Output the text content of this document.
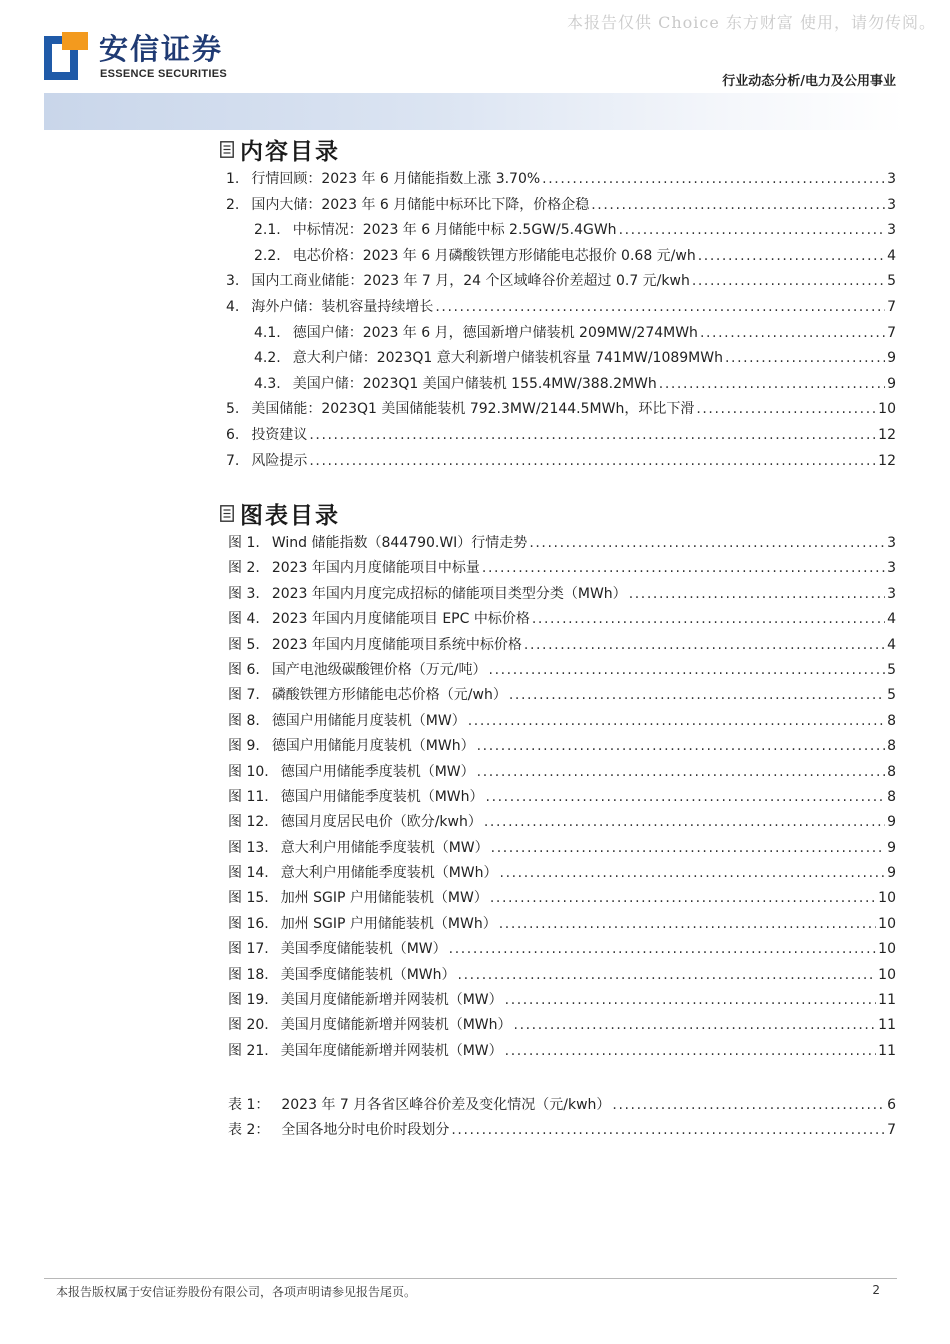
本报告仅供 Choice 东方财富 使用，请勿传阅。
安信证券
ESSENCE SECURITIES	行业动态分析/电力及公用事业
内容目录
1. 行情回顾：2023 年 6 月储能指数上涨 3.70% .....	3
2. 国内大储：2023 年 6 月储能中标环比下降，价格企稳 .....	3
2.1. 中标情况：2023 年 6 月储能中标 2.5GW/5.4GWh .....	3
2.2. 电芯价格：2023 年 6 月磷酸铁锂方形储能电芯报价 0.68 元/wh .....	4
3. 国内工商业储能：2023 年 7 月，24 个区域峰谷价差超过 0.7 元/kwh .....	5
4. 海外户储：装机容量持续增长 .....	7
4.1. 德国户储：2023 年 6 月，德国新增户储装机 209MW/274MWh .....	7
4.2. 意大利户储：2023Q1 意大利新增户储装机容量 741MW/1089MWh .....	9
4.3. 美国户储：2023Q1 美国户储装机 155.4MW/388.2MWh .....	9
5. 美国储能：2023Q1 美国储能装机 792.3MW/2144.5MWh，环比下滑 .....	10
6. 投资建议 .....	12
7. 风险提示 .....	12
图表目录
图 1. Wind 储能指数（844790.WI）行情走势 .....	3
图 2. 2023 年国内月度储能项目中标量 .....	3
图 3. 2023 年国内月度完成招标的储能项目类型分类（MWh） .....	3
图 4. 2023 年国内月度储能项目 EPC 中标价格 .....	4
图 5. 2023 年国内月度储能项目系统中标价格 .....	4
图 6. 国产电池级碳酸锂价格（万元/吨） .....	5
图 7. 磷酸铁锂方形储能电芯价格（元/wh） .....	5
图 8. 德国户用储能月度装机（MW） .....	8
图 9. 德国户用储能月度装机（MWh） .....	8
图 10. 德国户用储能季度装机（MW） .....	8
图 11. 德国户用储能季度装机（MWh） .....	8
图 12. 德国月度居民电价（欧分/kwh） .....	9
图 13. 意大利户用储能季度装机（MW） .....	9
图 14. 意大利户用储能季度装机（MWh） .....	9
图 15. 加州 SGIP 户用储能装机（MW） .....	10
图 16. 加州 SGIP 户用储能装机（MWh） .....	10
图 17. 美国季度储能装机（MW） .....	10
图 18. 美国季度储能装机（MWh） .....	10
图 19. 美国月度储能新增并网装机（MW） .....	11
图 20. 美国月度储能新增并网装机（MWh） .....	11
图 21. 美国年度储能新增并网装机（MW） .....	11
表 1： 2023 年 7 月各省区峰谷价差及变化情况（元/kwh） .....	6
表 2： 全国各地分时电价时段划分 .....	7
本报告版权属于安信证券股份有限公司，各项声明请参见报告尾页。	2
